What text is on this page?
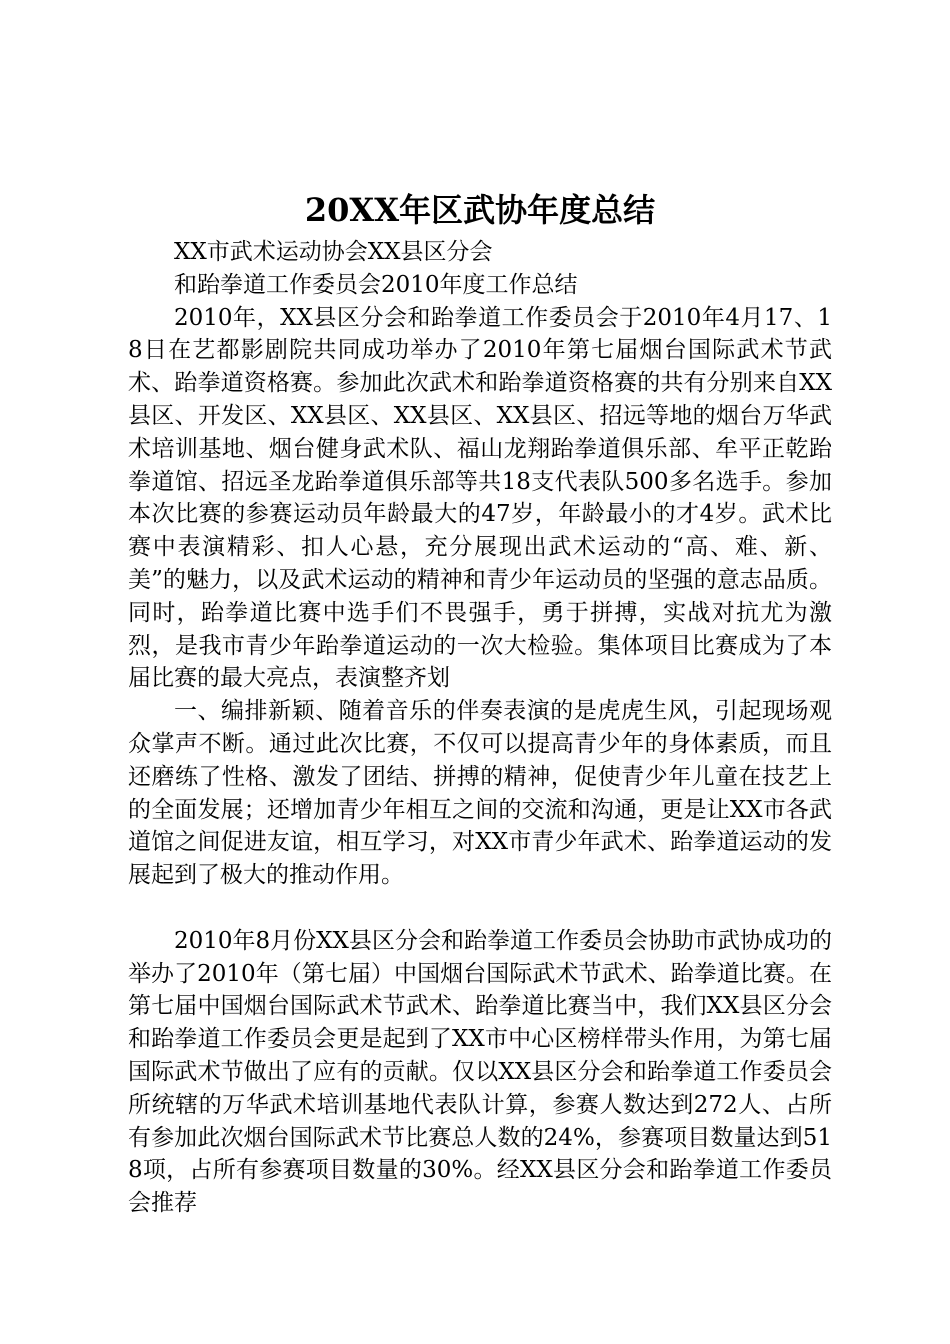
20XX年区武协年度总结

XX市武术运动协会XX县区分会

和跆拳道工作委员会2010年度工作总结

2010年，XX县区分会和跆拳道工作委员会于2010年4月17、18日在艺都影剧院共同成功举办了2010年第七届烟台国际武术节武术、跆拳道资格赛。参加此次武术和跆拳道资格赛的共有分别来自XX县区、开发区、XX县区、XX县区、XX县区、招远等地的烟台万华武术培训基地、烟台健身武术队、福山龙翔跆拳道俱乐部、牟平正乾跆拳道馆、招远圣龙跆拳道俱乐部等共18支代表队500多名选手。参加本次比赛的参赛运动员年龄最大的47岁，年龄最小的才4岁。武术比赛中表演精彩、扣人心悬，充分展现出武术运动的“高、难、新、美”的魅力，以及武术运动的精神和青少年运动员的坚强的意志品质。同时，跆拳道比赛中选手们不畏强手，勇于拼搏，实战对抗尤为激烈，是我市青少年跆拳道运动的一次大检验。集体项目比赛成为了本届比赛的最大亮点，表演整齐划

一、编排新颖、随着音乐的伴奏表演的是虎虎生风，引起现场观众掌声不断。通过此次比赛，不仅可以提高青少年的身体素质，而且还磨练了性格、激发了团结、拼搏的精神，促使青少年儿童在技艺上的全面发展；还增加青少年相互之间的交流和沟通，更是让XX市各武道馆之间促进友谊，相互学习，对XX市青少年武术、跆拳道运动的发展起到了极大的推动作用。

2010年8月份XX县区分会和跆拳道工作委员会协助市武协成功的举办了2010年（第七届）中国烟台国际武术节武术、跆拳道比赛。在第七届中国烟台国际武术节武术、跆拳道比赛当中，我们XX县区分会和跆拳道工作委员会更是起到了XX市中心区榜样带头作用，为第七届国际武术节做出了应有的贡献。仅以XX县区分会和跆拳道工作委员会所统辖的万华武术培训基地代表队计算，参赛人数达到272人、占所有参加此次烟台国际武术节比赛总人数的24%，参赛项目数量达到518项，占所有参赛项目数量的30%。经XX县区分会和跆拳道工作委员会推荐
